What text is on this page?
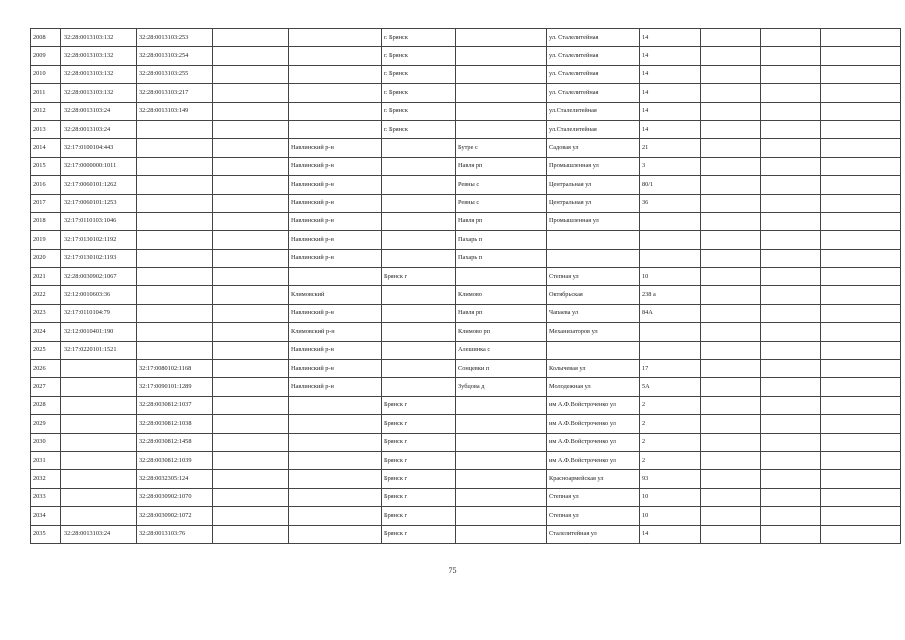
2008	32:28:0013103:132	32:28:0013103:253			г. Брянск		ул. Сталелитейная	14			
2009	32:28:0013103:132	32:28:0013103:254			г. Брянск		ул. Сталелитейная	14			
2010	32:28:0013103:132	32:28:0013103:255			г. Брянск		ул. Сталелитейная	14			
2011	32:28:0013103:132	32:28:0013103:217			г. Брянск		ул. Сталелитейная	14			
2012	32:28:0013103:24	32:28:0013103:149			г. Брянск		ул.Сталелитейная	14			
2013	32:28:0013103:24				г. Брянск		ул.Сталелитейная	14			
2014	32:17:0100104:443			Навлинский р-н		Бутре с	Садовая ул	21			
2015	32:17:0000000:1011			Навлинский р-н		Навля рп	Промышленная ул	3			
2016	32:17:0060101:1262			Навлинский р-н		Ревны с	Центральная ул	80/1			
2017	32:17:0060101:1253			Навлинский р-н		Ревны с	Центральная ул	36			
2018	32:17:0110103:1046			Навлинский р-н		Навля рп	Промышленная ул				
2019	32:17:0130102:1192			Навлинский р-н		Пахарь п					
2020	32:17:0130102:1193			Навлинский р-н		Пахарь п					
2021	32:28:0030902:1067				Брянск г		Степная ул	10			
2022	32:12:0010603:36			Климовский		Климово	Октябрьская	238 а			
2023	32:17:0110104:79			Навлинский р-н		Навля рп	Чапаева ул	84А			
2024	32:12:0010401:190			Климовский р-н		Климово рп	Механизаторов ул				
2025	32:17:0220101:1521			Навлинский р-н		Алешинка с					
2026		32:17:0080102:1168		Навлинский р-н		Сонцевки п	Колычевая ул	17			
2027		32:17:0090101:1289		Навлинский р-н		Зубцова д	Молодежная ул	5А			
2028		32:28:0030812:1037			Брянск г		им А.Ф.Войстроченко ул	2			
2029		32:28:0030812:1038			Брянск г		им А.Ф.Войстроченко ул	2			
2030		32:28:0030812:1458			Брянск г		им А.Ф.Войстроченко ул	2			
2031		32:28:0030812:1039			Брянск г		им А.Ф.Войстроченко ул	2			
2032		32:28:0032305:124			Брянск г		Красноармейская ул	93			
2033		32:28:0030902:1070			Брянск г		Степная ул	10			
2034		32:28:0030902:1072			Брянск г		Степная ул	10			
2035	32:28:0013103:24	32:28:0013103:76			Брянск г		Сталелитейная ул	14			
75
